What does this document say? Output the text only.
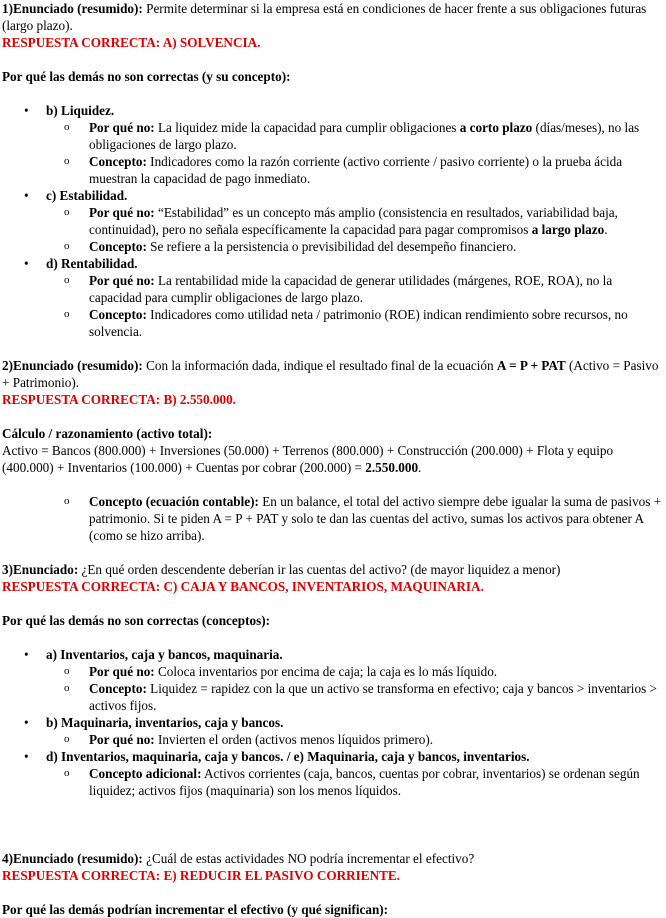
1)Enunciado (resumido): Permite determinar si la empresa está en condiciones de hacer frente a sus obligaciones futuras (largo plazo).

RESPUESTA CORRECTA: A) SOLVENCIA.

Por qué las demás no son correctas (y su concepto):

• b) Liquidez.
o Por qué no: La liquidez mide la capacidad para cumplir obligaciones a corto plazo (días/meses), no las obligaciones de largo plazo.
o Concepto: Indicadores como la razón corriente (activo corriente / pasivo corriente) o la prueba ácida muestran la capacidad de pago inmediato.
• c) Estabilidad.
o Por qué no: “Estabilidad” es un concepto más amplio (consistencia en resultados, variabilidad baja, continuidad), pero no señala específicamente la capacidad para pagar compromisos a largo plazo.
o Concepto: Se refiere a la persistencia o previsibilidad del desempeño financiero.
• d) Rentabilidad.
o Por qué no: La rentabilidad mide la capacidad de generar utilidades (márgenes, ROE, ROA), no la capacidad para cumplir obligaciones de largo plazo.
o Concepto: Indicadores como utilidad neta / patrimonio (ROE) indican rendimiento sobre recursos, no solvencia.

2)Enunciado (resumido): Con la información dada, indique el resultado final de la ecuación A = P + PAT (Activo = Pasivo + Patrimonio).

RESPUESTA CORRECTA: B) 2.550.000.

Cálculo / razonamiento (activo total):

Activo = Bancos (800.000) + Inversiones (50.000) + Terrenos (800.000) + Construcción (200.000) + Flota y equipo (400.000) + Inventarios (100.000) + Cuentas por cobrar (200.000) = 2.550.000.

o Concepto (ecuación contable): En un balance, el total del activo siempre debe igualar la suma de pasivos + patrimonio. Si te piden A = P + PAT y solo te dan las cuentas del activo, sumas los activos para obtener A (como se hizo arriba).

3)Enunciado: ¿En qué orden descendente deberían ir las cuentas del activo? (de mayor liquidez a menor)

RESPUESTA CORRECTA: C) CAJA Y BANCOS, INVENTARIOS, MAQUINARIA.

Por qué las demás no son correctas (conceptos):

• a) Inventarios, caja y bancos, maquinaria.
o Por qué no: Coloca inventarios por encima de caja; la caja es lo más líquido.
o Concepto: Liquidez = rapidez con la que un activo se transforma en efectivo; caja y bancos > inventarios > activos fijos.
• b) Maquinaria, inventarios, caja y bancos.
o Por qué no: Invierten el orden (activos menos líquidos primero).
• d) Inventarios, maquinaria, caja y bancos. / e) Maquinaria, caja y bancos, inventarios.
o Concepto adicional: Activos corrientes (caja, bancos, cuentas por cobrar, inventarios) se ordenan según liquidez; activos fijos (maquinaria) son los menos líquidos.

4)Enunciado (resumido): ¿Cuál de estas actividades NO podría incrementar el efectivo?

RESPUESTA CORRECTA: E) REDUCIR EL PASIVO CORRIENTE.

Por qué las demás podrían incrementar el efectivo (y qué significan):
